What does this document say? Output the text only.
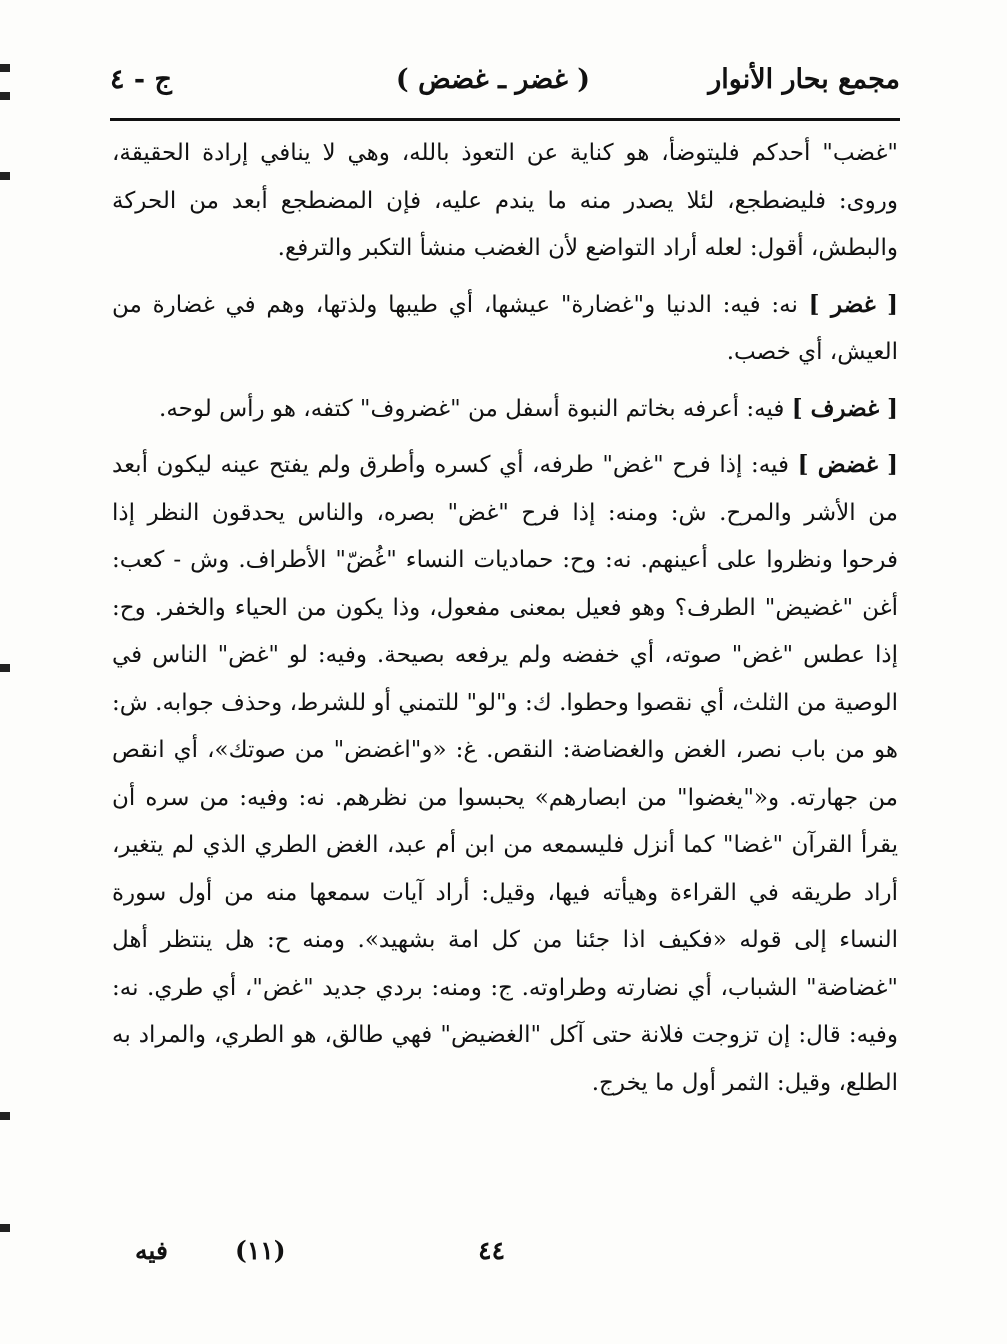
مجمع بحار الأنوار
( غضر ـ غضض )
ج - ٤

"غضب" أحدكم فليتوضأ، هو كناية عن التعوذ بالله، وهي لا ينافي إرادة الحقيقة، وروى: فليضطجع، لئلا يصدر منه ما يندم عليه، فإن المضطجع أبعد من الحركة والبطش، أقول: لعله أراد التواضع لأن الغضب منشأ التكبر والترفع.

[ غضر ] نه: فيه: الدنيا و"غضارة" عيشها، أي طيبها ولذتها، وهم في غضارة من العيش، أي خصب.

[ غضرف ] فيه: أعرفه بخاتم النبوة أسفل من "غضروف" كتفه، هو رأس لوحه.

[ غضض ] فيه: إذا فرح "غض" طرفه، أي كسره وأطرق ولم يفتح عينه ليكون أبعد من الأشر والمرح. ش: ومنه: إذا فرح "غض" بصره، والناس يحدقون النظر إذا فرحوا ونظروا على أعينهم. نه: وح: حماديات النساء "غُضّ" الأطراف. وش - كعب: أغن "غضيض" الطرف؟ وهو فعيل بمعنى مفعول، وذا يكون من الحياء والخفر. وح: إذا عطس "غض" صوته، أي خفضه ولم يرفعه بصيحة. وفيه: لو "غض" الناس في الوصية من الثلث، أي نقصوا وحطوا. ك: و"لو" للتمني أو للشرط، وحذف جوابه. ش: هو من باب نصر، الغض والغضاضة: النقص. غ: «و"اغضض" من صوتك»، أي انقص من جهارته. و«"يغضوا" من ابصارهم» يحبسوا من نظرهم. نه: وفيه: من سره أن يقرأ القرآن "غضا" كما أنزل فليسمعه من ابن أم عبد، الغض الطري الذي لم يتغير، أراد طريقه في القراءة وهيأته فيها، وقيل: أراد آيات سمعها منه من أول سورة النساء إلى قوله «فكيف اذا جئنا من كل امة بشهيد». ومنه ح: هل ينتظر أهل "غضاضة" الشباب، أي نضارته وطراوته. ج: ومنه: بردي جديد "غض"، أي طري. نه: وفيه: قال: إن تزوجت فلانة حتى آكل "الغضيض" فهي طالق، هو الطري، والمراد به الطلع، وقيل: الثمر أول ما يخرج.

٤٤
(١١)
فيه
